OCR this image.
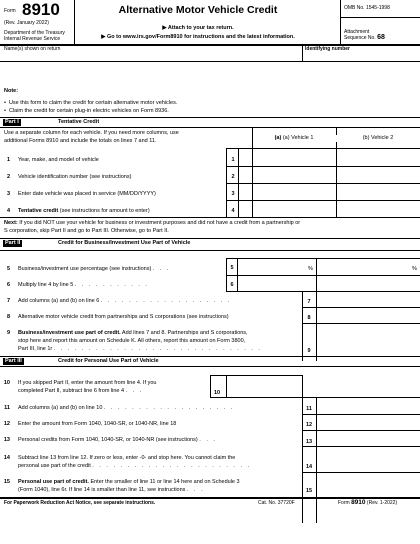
Form 8910
(Rev. January 2022)
Department of the Treasury
Internal Revenue Service
Alternative Motor Vehicle Credit
▶ Attach to your tax return.
▶ Go to www.irs.gov/Form8910 for instructions and the latest information.
OMB No. 1545-1998
Attachment
Sequence No. 68
Name(s) shown on return	Identifying number
Note:
• Use this form to claim the credit for certain alternative motor vehicles.
• Claim the credit for certain plug-in electric vehicles on Form 8936.
Part I	Tentative Credit
Use a separate column for each vehicle. If you need more columns, use
additional Forms 8910 and include the totals on lines 7 and 11.	(a) (a) Vehicle 1	(b) Vehicle 2
1 Year, make, and model of vehicle	1
2 Vehicle identification number (see instructions)	2
3 Enter date vehicle was placed in service (MM/DD/YYYY)	3
4 Tentative credit (see instructions for amount to enter)	4
Next: If you did NOT use your vehicle for business or investment purposes and did not have a credit from a partnership or
S corporation, skip Part II and go to Part III. Otherwise, go to Part II.
Part II	Credit for Business/Investment Use Part of Vehicle
5 Business/investment use percentage (see instructions) . . .	5	%	%
6 Multiply line 4 by line 5 . . . . . . . . . . .	6
7 Add columns (a) and (b) on line 6 . . . . . . . . . . . . . . . . . . .	7
8 Alternative motor vehicle credit from partnerships and S corporations (see instructions)	8
9 Business/investment use part of credit. Add lines 7 and 8. Partnerships and S corporations,
stop here and report this amount on Schedule K. All others, report this amount on Form 3800,
Part III, line 1r . . . . . . . . . . . . . . . . . . . . . . . . . . . . . .	9
Part III	Credit for Personal Use Part of Vehicle
10 If you skipped Part II, enter the amount from line 4. If you
completed Part II, subtract line 6 from line 4 . . .	10
11 Add columns (a) and (b) on line 10 . . . . . . . . . . . . . . . . . . .	11
12 Enter the amount from Form 1040, 1040-SR, or 1040-NR, line 18	12
13 Personal credits from Form 1040, 1040-SR, or 1040-NR (see instructions) . . .	13
14 Subtract line 13 from line 12. If zero or less, enter -0- and stop here. You cannot claim the
personal use part of the credit . . . . . . . . . . . . . . . . . . . . . . .	14
15 Personal use part of credit. Enter the smaller of line 11 or line 14 here and on Schedule 3
(Form 1040), line 6r. If line 14 is smaller than line 11, see instructions . . .	15
For Paperwork Reduction Act Notice, see separate instructions.	Cat. No. 37720F	Form 8910 (Rev. 1-2022)
